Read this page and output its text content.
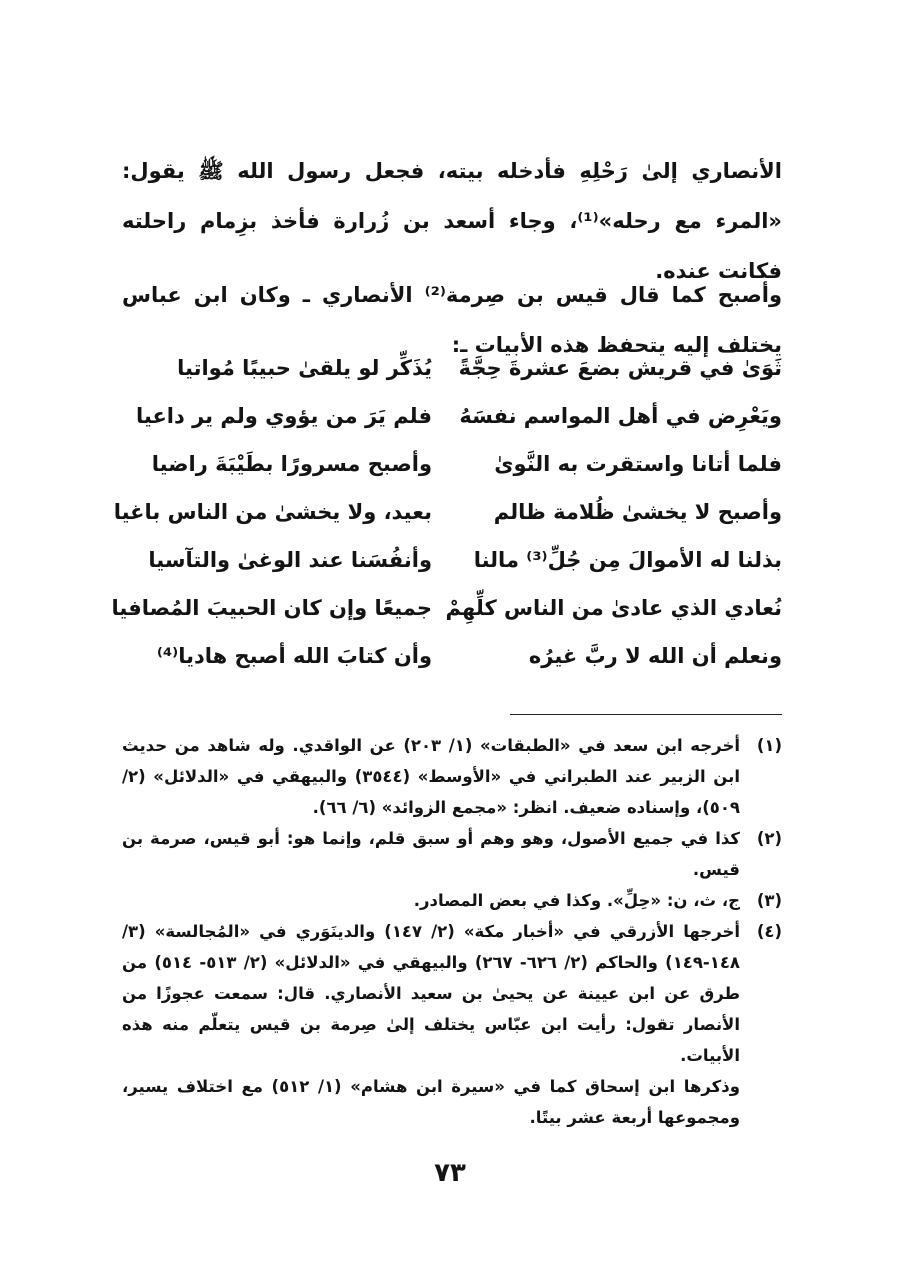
الأنصاري إلىٰ رَحْلِهِ فأدخله بيته، فجعل رسول الله ﷺ يقول: «المرء مع رحله»⁽¹⁾، وجاء أسعد بن زُرارة فأخذ بزِمام راحلته فكانت عنده.

وأصبح كما قال قيس بن صِرمة⁽²⁾ الأنصاري ـ وكان ابن عباس يختلف إليه يتحفظ هذه الأبيات ـ:

ثَوَىٰ في قريش بضعَ عشرةَ حِجَّةً
يُذَكِّر لو يلقىٰ حبيبًا مُواتيا
ويَعْرِض في أهل المواسم نفسَهُ
فلم يَرَ من يؤوي ولم ير داعيا
فلما أتانا واستقرت به النَّوىٰ
وأصبح مسرورًا بطَيْبَةَ راضيا
وأصبح لا يخشىٰ ظُلامة ظالم
بعيد، ولا يخشىٰ من الناس باغيا
بذلنا له الأموالَ مِن جُلِّ⁽³⁾ مالنا
وأنفُسَنا عند الوغىٰ والتآسيا
نُعادي الذي عادىٰ من الناس كلِّهِمْ
جميعًا وإن كان الحبيبَ المُصافيا
ونعلم أن الله لا ربَّ غيرُه
وأن كتابَ الله أصبح هاديا⁽⁴⁾
(١)
أخرجه ابن سعد في «الطبقات» (١/ ٢٠٣) عن الواقدي. وله شاهد من حديث ابن الزبير عند الطبراني في «الأوسط» (٣٥٤٤) والبيهقي في «الدلائل» (٢/ ٥٠٩)، وإسناده ضعيف. انظر: «مجمع الزوائد» (٦/ ٦٦).
(٢)
كذا في جميع الأصول، وهو وهم أو سبق قلم، وإنما هو: أبو قيس، صرمة بن قيس.
(٣)
ج، ث، ن: «حِلِّ». وكذا في بعض المصادر.
(٤)
أخرجها الأزرقي في «أخبار مكة» (٢/ ١٤٧) والدينَوَري في «المُجالسة» (٣/ ١٤٨-١٤٩) والحاكم (٢/ ٦٢٦- ٢٦٧) والبيهقي في «الدلائل» (٢/ ٥١٣- ٥١٤) من طرق عن ابن عيينة عن يحيىٰ بن سعيد الأنصاري. قال: سمعت عجوزًا من الأنصار تقول: رأيت ابن عبّاس يختلف إلىٰ صِرمة بن قيس يتعلّم منه هذه الأبيات.
وذكرها ابن إسحاق كما في «سيرة ابن هشام» (١/ ٥١٢) مع اختلاف يسير، ومجموعها أربعة عشر بيتًا.
٧٣
